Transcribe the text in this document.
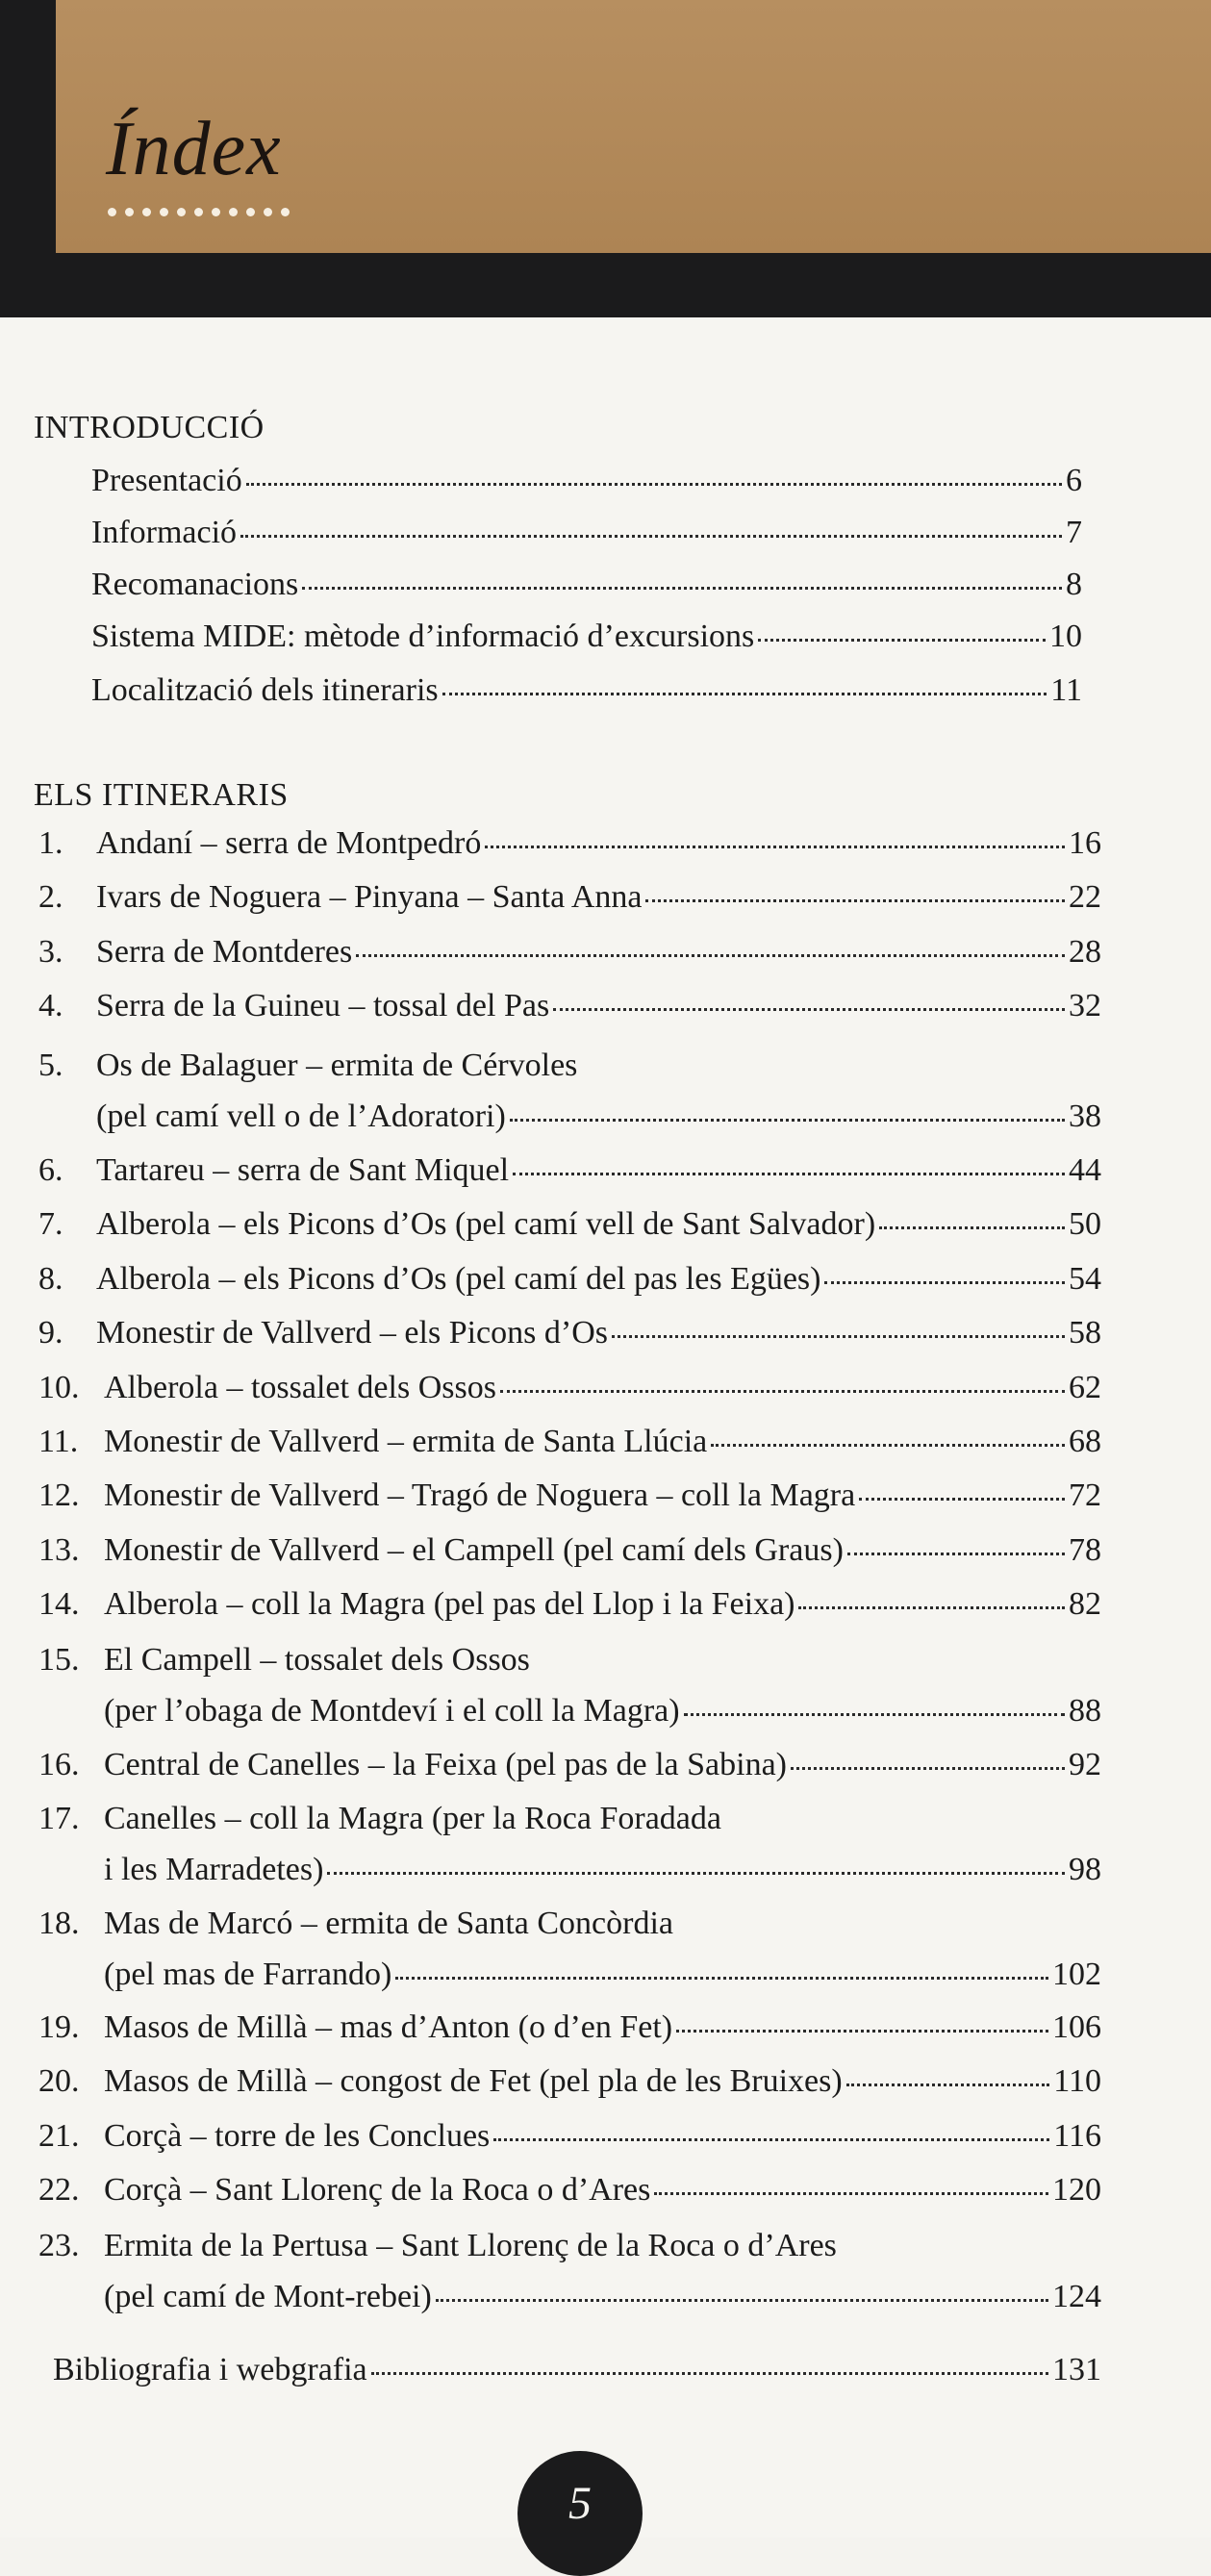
Índex
INTRODUCCIÓ
Presentació	6
Informació	7
Recomanacions	8
Sistema MIDE: mètode d’informació d’excursions	10
Localització dels itineraris	11
ELS ITINERARIS
1. Andaní – serra de Montpedró	16
2. Ivars de Noguera – Pinyana – Santa Anna	22
3. Serra de Montderes	28
4. Serra de la Guineu – tossal del Pas	32
5. Os de Balaguer – ermita de Cérvoles
(pel camí vell o de l’Adoratori)	38
6. Tartareu – serra de Sant Miquel	44
7. Alberola – els Picons d’Os (pel camí vell de Sant Salvador)	50
8. Alberola – els Picons d’Os (pel camí del pas les Egües)	54
9. Monestir de Vallverd – els Picons d’Os	58
10. Alberola – tossalet dels Ossos	62
11. Monestir de Vallverd – ermita de Santa Llúcia	68
12. Monestir de Vallverd – Tragó de Noguera – coll la Magra	72
13. Monestir de Vallverd – el Campell (pel camí dels Graus)	78
14. Alberola – coll la Magra (pel pas del Llop i la Feixa)	82
15. El Campell – tossalet dels Ossos
(per l’obaga de Montdeví i el coll la Magra)	88
16. Central de Canelles – la Feixa (pel pas de la Sabina)	92
17. Canelles – coll la Magra (per la Roca Foradada
i les Marradetes)	98
18. Mas de Marcó – ermita de Santa Concòrdia
(pel mas de Farrando)	102
19. Masos de Millà – mas d’Anton (o d’en Fet)	106
20. Masos de Millà – congost de Fet (pel pla de les Bruixes)	110
21. Corçà – torre de les Conclues	116
22. Corçà – Sant Llorenç de la Roca o d’Ares	120
23. Ermita de la Pertusa – Sant Llorenç de la Roca o d’Ares
(pel camí de Mont-rebei)	124
Bibliografia i webgrafia	131
5
